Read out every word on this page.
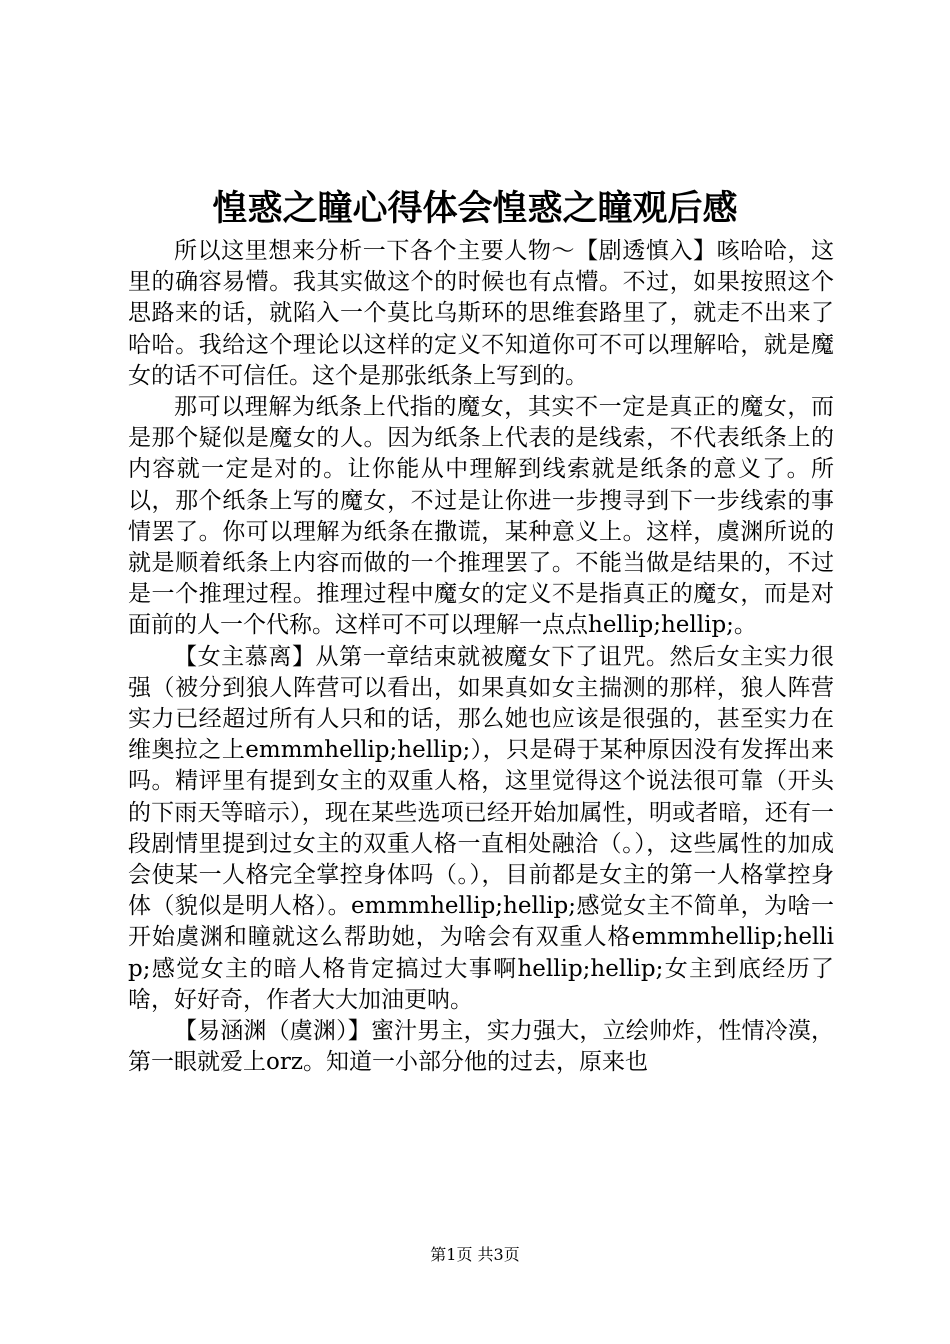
惶惑之瞳心得体会惶惑之瞳观后感

所以这里想来分析一下各个主要人物～【剧透慎入】咳哈哈，这里的确容易懵。我其实做这个的时候也有点懵。不过，如果按照这个思路来的话，就陷入一个莫比乌斯环的思维套路里了，就走不出来了哈哈。我给这个理论以这样的定义不知道你可不可以理解哈，就是魔女的话不可信任。这个是那张纸条上写到的。

那可以理解为纸条上代指的魔女，其实不一定是真正的魔女，而是那个疑似是魔女的人。因为纸条上代表的是线索，不代表纸条上的内容就一定是对的。让你能从中理解到线索就是纸条的意义了。所以，那个纸条上写的魔女，不过是让你进一步搜寻到下一步线索的事情罢了。你可以理解为纸条在撒谎，某种意义上。这样，虞渊所说的就是顺着纸条上内容而做的一个推理罢了。不能当做是结果的，不过是一个推理过程。推理过程中魔女的定义不是指真正的魔女，而是对面前的人一个代称。这样可不可以理解一点点hellip;hellip;。

【女主慕离】从第一章结束就被魔女下了诅咒。然后女主实力很强（被分到狼人阵营可以看出，如果真如女主揣测的那样，狼人阵营实力已经超过所有人只和的话，那么她也应该是很强的，甚至实力在维奥拉之上emmmhellip;hellip;），只是碍于某种原因没有发挥出来吗。精评里有提到女主的双重人格，这里觉得这个说法很可靠（开头的下雨天等暗示），现在某些选项已经开始加属性，明或者暗，还有一段剧情里提到过女主的双重人格一直相处融洽（。），这些属性的加成会使某一人格完全掌控身体吗（。），目前都是女主的第一人格掌控身体（貌似是明人格）。emmmhellip;hellip;感觉女主不简单，为啥一开始虞渊和瞳就这么帮助她，为啥会有双重人格emmmhellip;hellip;感觉女主的暗人格肯定搞过大事啊hellip;hellip;女主到底经历了啥，好好奇，作者大大加油更呐。

【易涵渊（虞渊）】蜜汁男主，实力强大，立绘帅炸，性情冷漠，第一眼就爱上orz。知道一小部分他的过去，原来也

第1页 共3页
